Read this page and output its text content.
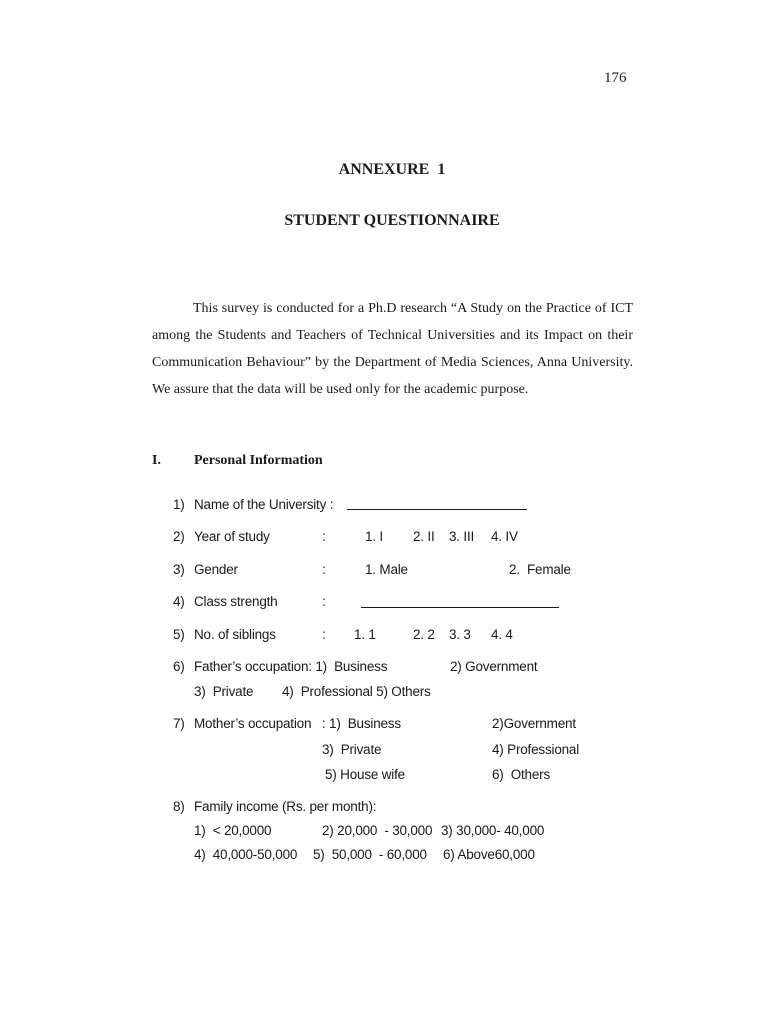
176
ANNEXURE  1
STUDENT QUESTIONNAIRE

This survey is conducted for a Ph.D research “A Study on the Practice of ICT among the Students and Teachers of Technical Universities and its Impact on their Communication Behaviour” by the Department of Media Sciences, Anna University. We assure that the data will be used only for the academic purpose.

I. Personal Information
1) Name of the University :
2) Year of study	:	1. I 2. II 3. III 4. IV
3) Gender	:	1. Male	2.  Female
4) Class strength	:
5) No. of siblings	: 1. 1	2. 2 3. 3 4. 4
6) Father’s occupation: 1)  Business	2) Government
3)  Private 4)  Professional 5) Others
7) Mother’s occupation   : 1)  Business	2)Government
3)  Private	4) Professional
5) House wife	6)  Others
8) Family income (Rs. per month):
1)  < 20,0000	2) 20,000  - 30,000 3) 30,000- 40,000
4)  40,000-50,000 5)  50,000  - 60,000 6) Above60,000
